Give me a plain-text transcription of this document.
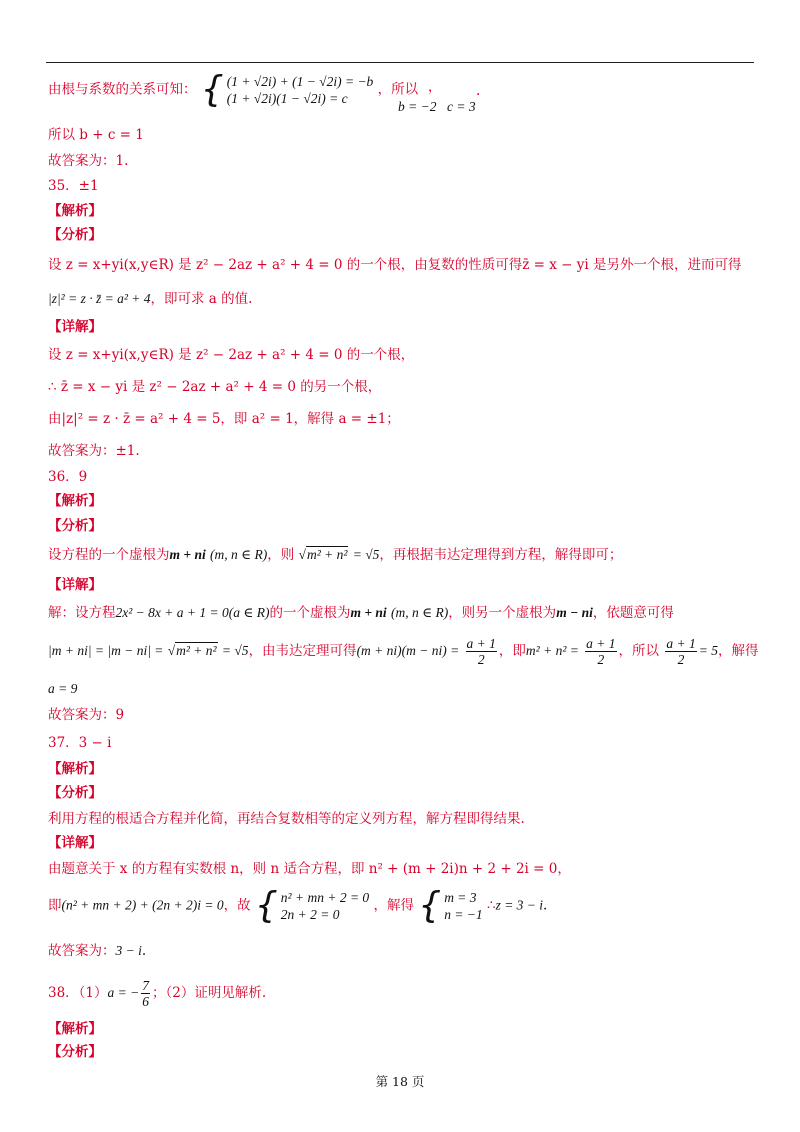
由根与系数的关系可知： { (1 + √2i) + (1 − √2i) = −b
(1 + √2i)(1 − √2i) = c
，所以
b = −2
，
c = 3
.
所以 b + c = 1
故答案为：1.
35．±1
【解析】
【分析】
设 z = x+yi(x,y∈R) 是 z² − 2az + a² + 4 = 0 的一个根，由复数的性质可得z̄ = x − yi 是另外一个根，进而可得
|z|² = z · z̄ = a² + 4，即可求 a 的值.
【详解】
设 z = x+yi(x,y∈R) 是 z² − 2az + a² + 4 = 0 的一个根，
∴ z̄ = x − yi 是 z² − 2az + a² + 4 = 0 的另一个根，
由|z|² = z · z̄ = a² + 4 = 5，即 a² = 1，解得 a = ±1；
故答案为：±1.
36．9
【解析】
【分析】
设方程的一个虚根为m + ni (m, n ∈ R)，则 √m² + n² = √5，再根据韦达定理得到方程，解得即可；
【详解】
解：设方程2x² − 8x + a + 1 = 0(a ∈ R)的一个虚根为m + ni (m, n ∈ R)，则另一个虚根为m − ni，依题意可得
|m + ni| = |m − ni| = √m² + n² = √5，由韦达定理可得$(m + ni)(m - ni) = \frac{a + 1}{2}$ ，即$m^2 + n^2 = \frac{a + 1}{2}$ ，所以 $\frac{a + 1}{2} = 5$，解得
a = 9
故答案为：9
37．3 − i
【解析】
【分析】
利用方程的根适合方程并化简，再结合复数相等的定义列方程，解方程即得结果.
【详解】
由题意关于 x 的方程有实数根 n，则 n 适合方程，即 n² + (m + 2i)n + 2 + 2i = 0，
即(n² + mn + 2) + (2n + 2)i = 0，故 { n² + mn + 2 = 0
2n + 2 = 0
，解得 { m = 3
n = −1
∴z = 3 − i.
故答案为：3 − i.
38．（1）a = − $\frac{7}{6}$ ；（2）证明见解析.
【解析】
【分析】
第 18 页
